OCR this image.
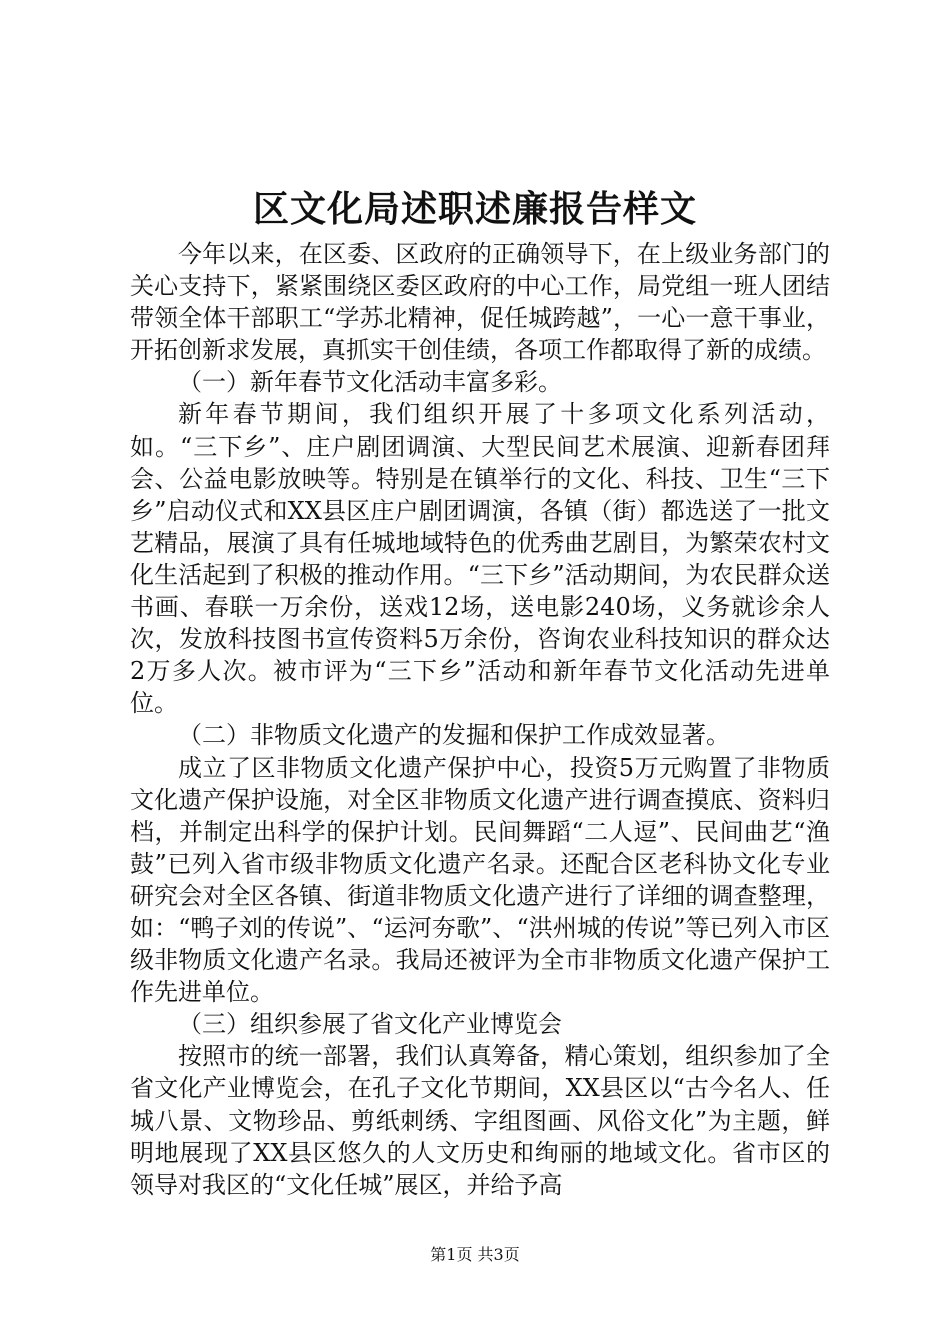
区文化局述职述廉报告样文

今年以来，在区委、区政府的正确领导下，在上级业务部门的关心支持下，紧紧围绕区委区政府的中心工作，局党组一班人团结带领全体干部职工“学苏北精神，促任城跨越”，一心一意干事业，开拓创新求发展，真抓实干创佳绩，各项工作都取得了新的成绩。

（一）新年春节文化活动丰富多彩。

新年春节期间，我们组织开展了十多项文化系列活动，如。“三下乡”、庄户剧团调演、大型民间艺术展演、迎新春团拜会、公益电影放映等。特别是在镇举行的文化、科技、卫生“三下乡”启动仪式和XX县区庄户剧团调演，各镇（街）都选送了一批文艺精品，展演了具有任城地域特色的优秀曲艺剧目，为繁荣农村文化生活起到了积极的推动作用。“三下乡”活动期间，为农民群众送书画、春联一万余份，送戏12场，送电影240场，义务就诊余人次，发放科技图书宣传资料5万余份，咨询农业科技知识的群众达2万多人次。被市评为“三下乡”活动和新年春节文化活动先进单位。

（二）非物质文化遗产的发掘和保护工作成效显著。

成立了区非物质文化遗产保护中心，投资5万元购置了非物质文化遗产保护设施，对全区非物质文化遗产进行调查摸底、资料归档，并制定出科学的保护计划。民间舞蹈“二人逗”、民间曲艺“渔鼓”已列入省市级非物质文化遗产名录。还配合区老科协文化专业研究会对全区各镇、街道非物质文化遗产进行了详细的调查整理，如：“鸭子刘的传说”、“运河夯歌”、“洪州城的传说”等已列入市区级非物质文化遗产名录。我局还被评为全市非物质文化遗产保护工作先进单位。

（三）组织参展了省文化产业博览会

按照市的统一部署，我们认真筹备，精心策划，组织参加了全省文化产业博览会，在孔子文化节期间，XX县区以“古今名人、任城八景、文物珍品、剪纸刺绣、字组图画、风俗文化”为主题，鲜明地展现了XX县区悠久的人文历史和绚丽的地域文化。省市区的领导对我区的“文化任城”展区，并给予高

第1页 共3页
